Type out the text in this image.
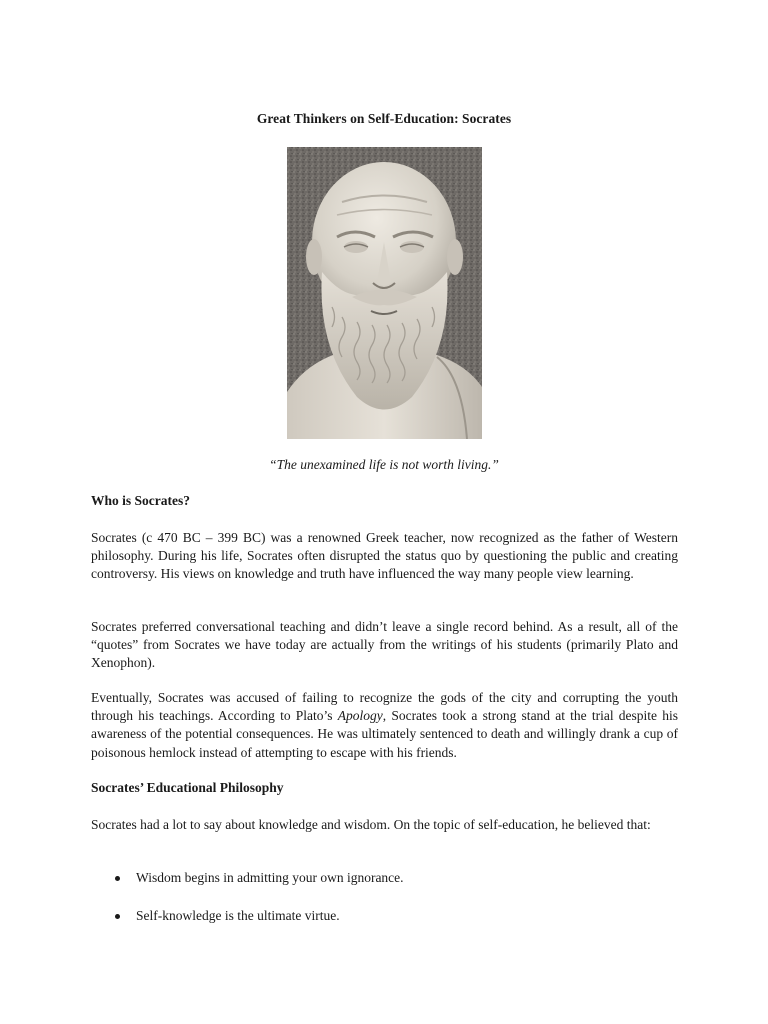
Great Thinkers on Self-Education: Socrates
“The unexamined life is not worth living.”
Who is Socrates?

Socrates (c 470 BC – 399 BC) was a renowned Greek teacher, now recognized as the father of Western philosophy. During his life, Socrates often disrupted the status quo by questioning the public and creating controversy. His views on knowledge and truth have influenced the way many people view learning.

Socrates preferred conversational teaching and didn’t leave a single record behind. As a result, all of the “quotes” from Socrates we have today are actually from the writings of his students (primarily Plato and Xenophon).

Eventually, Socrates was accused of failing to recognize the gods of the city and corrupting the youth through his teachings. According to Plato’s Apology, Socrates took a strong stand at the trial despite his awareness of the potential consequences. He was ultimately sentenced to death and willingly drank a cup of poisonous hemlock instead of attempting to escape with his friends.

Socrates’ Educational Philosophy

Socrates had a lot to say about knowledge and wisdom. On the topic of self-education, he believed that:

Wisdom begins in admitting your own ignorance.
Self-knowledge is the ultimate virtue.
